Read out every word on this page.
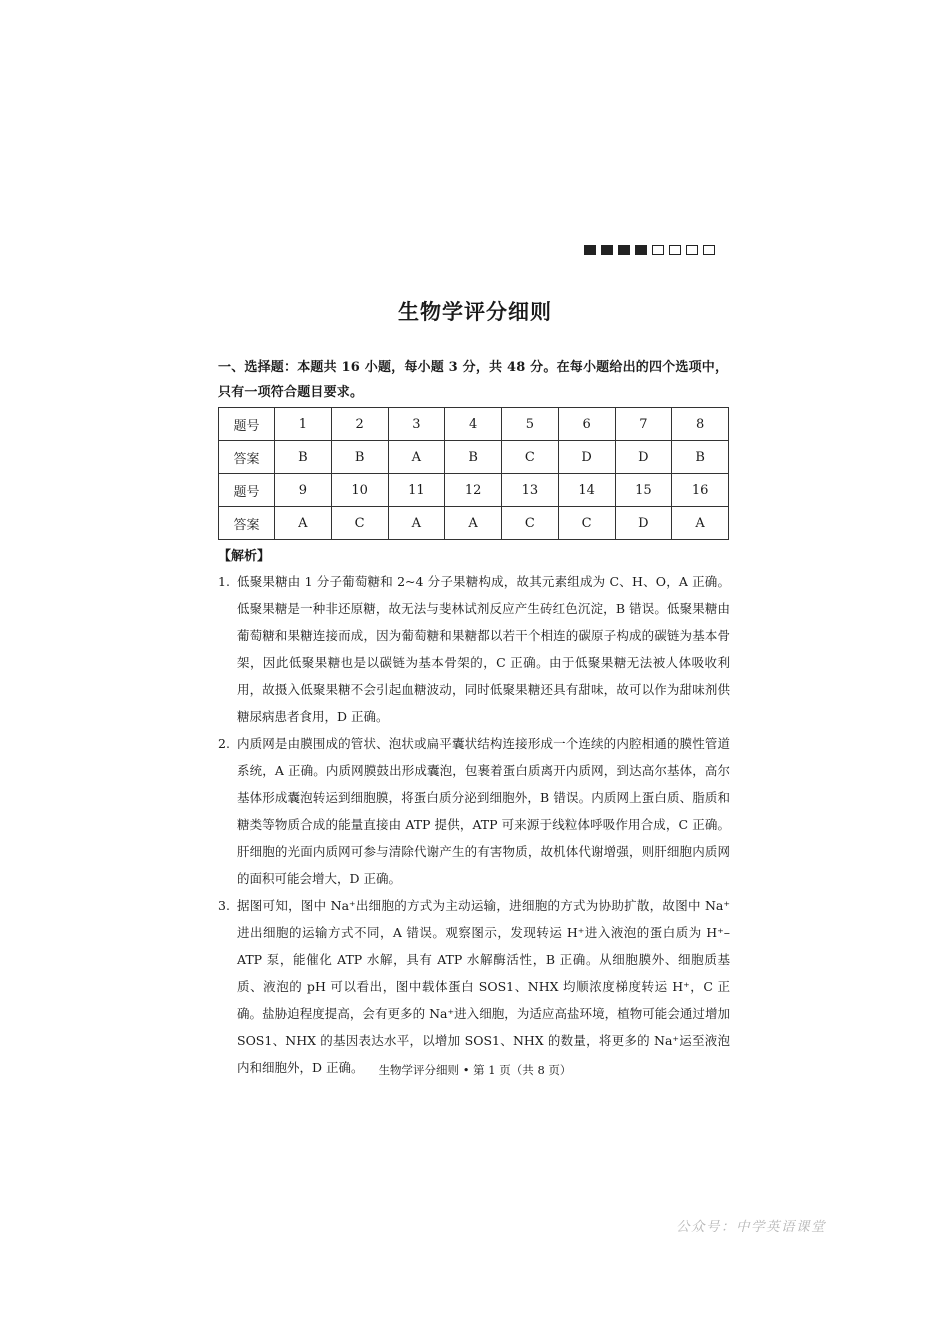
生物学评分细则
一、选择题：本题共 16 小题，每小题 3 分，共 48 分。在每小题给出的四个选项中，只有一项符合题目要求。
题号	1	2	3	4	5	6	7	8
答案	B	B	A	B	C	D	D	B
题号	9	10	11	12	13	14	15	16
答案	A	C	A	A	C	C	D	A
【解析】
1. 低聚果糖由 1 分子葡萄糖和 2~4 分子果糖构成，故其元素组成为 C、H、O，A 正确。低聚果糖是一种非还原糖，故无法与斐林试剂反应产生砖红色沉淀，B 错误。低聚果糖由葡萄糖和果糖连接而成，因为葡萄糖和果糖都以若干个相连的碳原子构成的碳链为基本骨架，因此低聚果糖也是以碳链为基本骨架的，C 正确。由于低聚果糖无法被人体吸收利用，故摄入低聚果糖不会引起血糖波动，同时低聚果糖还具有甜味，故可以作为甜味剂供糖尿病患者食用，D 正确。
2. 内质网是由膜围成的管状、泡状或扁平囊状结构连接形成一个连续的内腔相通的膜性管道系统，A 正确。内质网膜鼓出形成囊泡，包裹着蛋白质离开内质网，到达高尔基体，高尔基体形成囊泡转运到细胞膜，将蛋白质分泌到细胞外，B 错误。内质网上蛋白质、脂质和糖类等物质合成的能量直接由 ATP 提供，ATP 可来源于线粒体呼吸作用合成，C 正确。肝细胞的光面内质网可参与清除代谢产生的有害物质，故机体代谢增强，则肝细胞内质网的面积可能会增大，D 正确。
3. 据图可知，图中 Na⁺出细胞的方式为主动运输，进细胞的方式为协助扩散，故图中 Na⁺进出细胞的运输方式不同，A 错误。观察图示，发现转运 H⁺进入液泡的蛋白质为 H⁺–ATP 泵，能催化 ATP 水解，具有 ATP 水解酶活性，B 正确。从细胞膜外、细胞质基质、液泡的 pH 可以看出，图中载体蛋白 SOS1、NHX 均顺浓度梯度转运 H⁺，C 正确。盐胁迫程度提高，会有更多的 Na⁺进入细胞，为适应高盐环境，植物可能会通过增加 SOS1、NHX 的基因表达水平，以增加 SOS1、NHX 的数量，将更多的 Na⁺运至液泡内和细胞外，D 正确。	生物学评分细则 • 第 1 页（共 8 页）
公众号：中学英语课堂
